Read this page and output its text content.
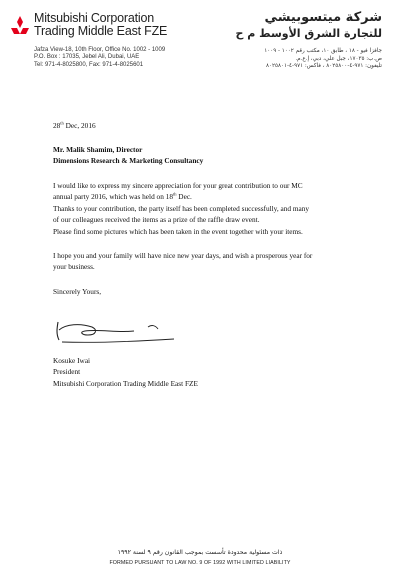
Mitsubishi Corporation
Trading Middle East FZE
Jafza View-18, 10th Floor, Office No. 1002 - 1009
P.O. Box : 17035, Jebel Ali, Dubai, UAE
Tel: 971-4-8025800, Fax: 971-4-8025601
شركة ميتسوبيشي
للتجارة الشرق الأوسط م ح
جافزا فيو - ١٨ ، طابق ١٠، مكتب رقم ١٠٠٢ - ١٠٠٩
ص.ب: ١٧٠٣٥، جبل علي، دبي، إ.ع.م.
تليفون: ٩٧١-٤-٨٠٢٥٨٠٠ ، فاكس: ٩٧١-٤-٨٠٢٥٨٠١
28th Dec, 2016
Mr. Malik Shamim, Director
Dimensions Research & Marketing Consultancy
I would like to express my sincere appreciation for your great contribution to our MC
annual party 2016, which was held on 18th Dec.
Thanks to your contribution, the party itself has been completed successfully, and many
of our colleagues received the items as a prize of the raffle draw event.
Please find some pictures which has been taken in the event together with your items.
I hope you and your family will have nice new year days, and wish a prosperous year for
your business.
Sincerely Yours,
Kosuke Iwai
President
Mitsubishi Corporation Trading Middle East FZE
ذات مسئولية محدودة تأسست بموجب القانون رقم ٩ لسنة ١٩٩٢
FORMED PURSUANT TO LAW NO. 9 OF 1992 WITH LIMITED LIABILITY
